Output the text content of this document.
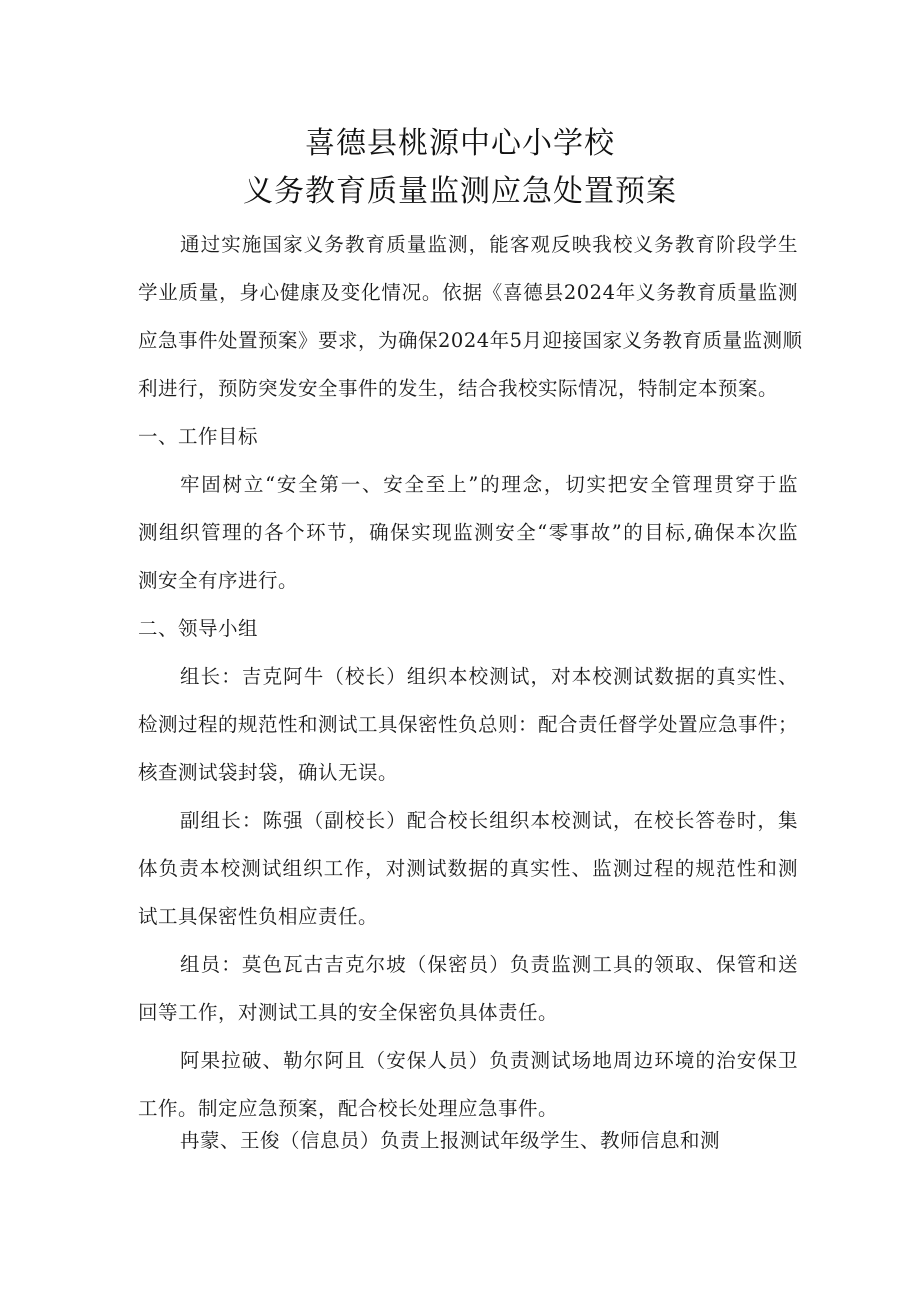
喜德县桃源中心小学校
义务教育质量监测应急处置预案
通过实施国家义务教育质量监测，能客观反映我校义务教育阶段学生
学业质量，身心健康及变化情况。依据《喜德县2024年义务教育质量监测
应急事件处置预案》要求，为确保2024年5月迎接国家义务教育质量监测顺
利进行，预防突发安全事件的发生，结合我校实际情况，特制定本预案。
一、工作目标
牢固树立“安全第一、安全至上”的理念，切实把安全管理贯穿于监
测组织管理的各个环节，确保实现监测安全“零事故”的目标,确保本次监
测安全有序进行。
二、领导小组
组长：吉克阿牛（校长）组织本校测试，对本校测试数据的真实性、
检测过程的规范性和测试工具保密性负总则：配合责任督学处置应急事件；
核查测试袋封袋，确认无误。
副组长：陈强（副校长）配合校长组织本校测试，在校长答卷时，集
体负责本校测试组织工作，对测试数据的真实性、监测过程的规范性和测
试工具保密性负相应责任。
组员：莫色瓦古吉克尔坡（保密员）负责监测工具的领取、保管和送
回等工作，对测试工具的安全保密负具体责任。
阿果拉破、勒尔阿且（安保人员）负责测试场地周边环境的治安保卫
工作。制定应急预案，配合校长处理应急事件。
冉蒙、王俊（信息员）负责上报测试年级学生、教师信息和测
